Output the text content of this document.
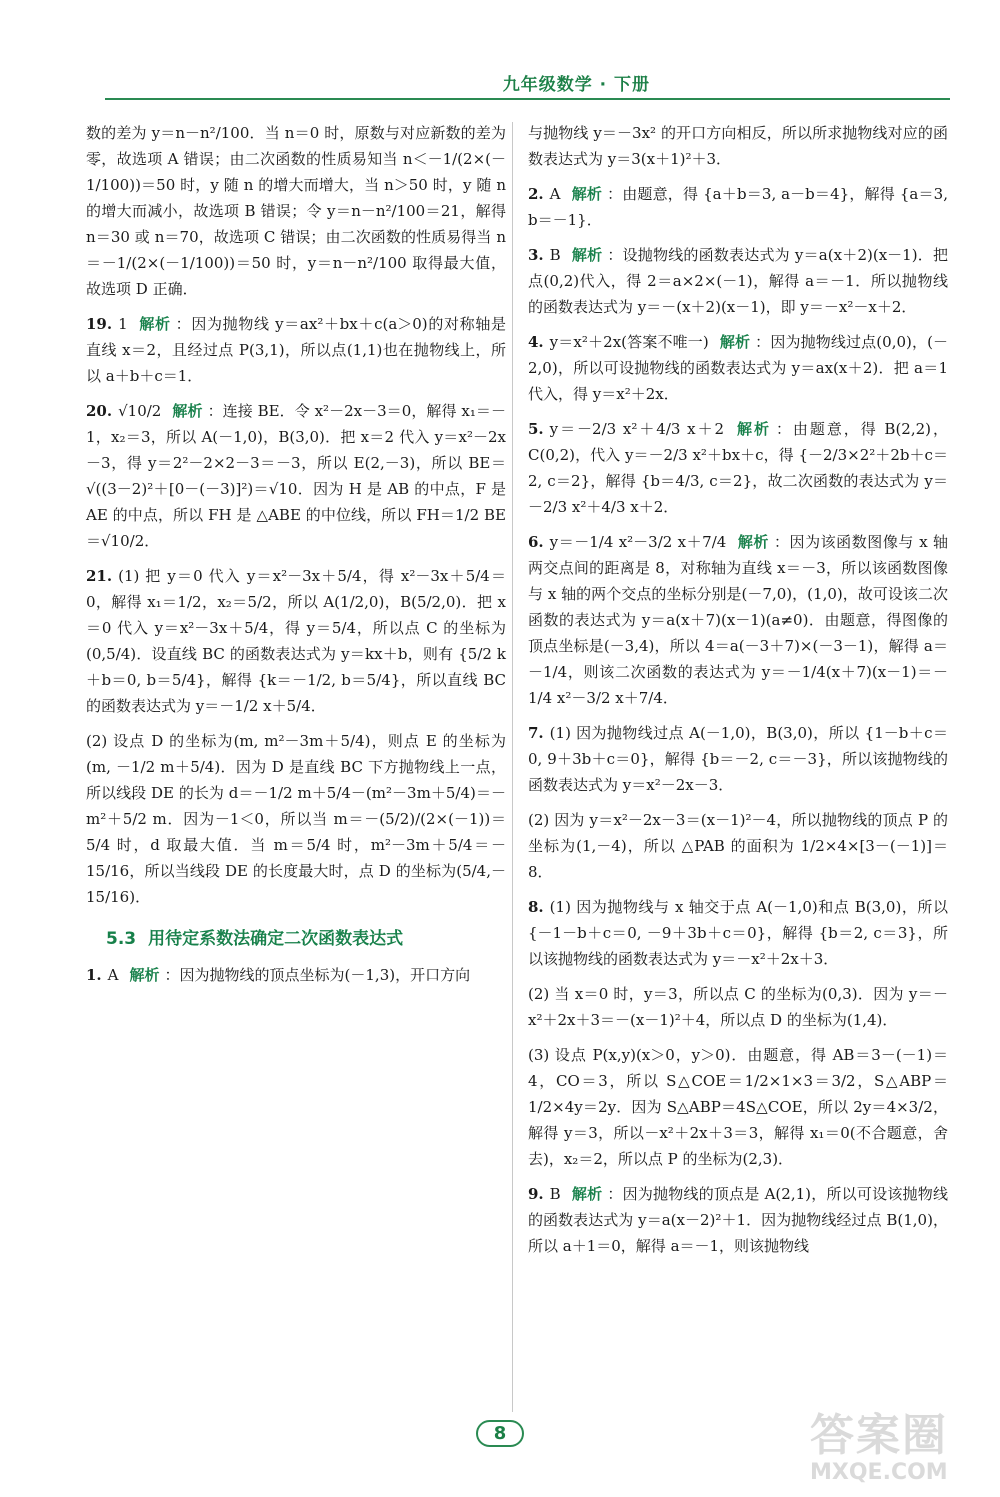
九年级数学 · 下册

数的差为 y＝n－n²/100．当 n＝0 时，原数与对应新数的差为零，故选项 A 错误；由二次函数的性质易知当 n＜－1/(2×(－1/100))＝50 时，y 随 n 的增大而增大，当 n＞50 时，y 随 n 的增大而减小，故选项 B 错误；令 y＝n－n²/100＝21，解得 n＝30 或 n＝70，故选项 C 错误；由二次函数的性质易得当 n＝－1/(2×(－1/100))＝50 时，y＝n－n²/100 取得最大值，故选项 D 正确．

19. 1 解析 ：因为抛物线 y＝ax²＋bx＋c(a＞0)的对称轴是直线 x＝2，且经过点 P(3,1)，所以点(1,1)也在抛物线上，所以 a＋b＋c＝1．

20. √10/2 解析 ：连接 BE．令 x²－2x－3＝0，解得 x₁＝－1，x₂＝3，所以 A(－1,0)，B(3,0)．把 x＝2 代入 y＝x²－2x－3，得 y＝2²－2×2－3＝－3，所以 E(2,－3)，所以 BE＝√((3－2)²＋[0－(－3)]²)＝√10．因为 H 是 AB 的中点，F 是 AE 的中点，所以 FH 是 △ABE 的中位线，所以 FH＝1/2 BE＝√10/2．

21. (1) 把 y＝0 代入 y＝x²－3x＋5/4，得 x²－3x＋5/4＝0，解得 x₁＝1/2，x₂＝5/2，所以 A(1/2,0)，B(5/2,0)．把 x＝0 代入 y＝x²－3x＋5/4，得 y＝5/4，所以点 C 的坐标为(0,5/4)．设直线 BC 的函数表达式为 y＝kx＋b，则有 {5/2 k＋b＝0, b＝5/4}，解得 {k＝－1/2, b＝5/4}，所以直线 BC 的函数表达式为 y＝－1/2 x＋5/4．

(2) 设点 D 的坐标为(m, m²－3m＋5/4)，则点 E 的坐标为(m, －1/2 m＋5/4)．因为 D 是直线 BC 下方抛物线上一点，所以线段 DE 的长为 d＝－1/2 m＋5/4－(m²－3m＋5/4)＝－m²＋5/2 m．因为－1＜0，所以当 m＝－(5/2)/(2×(－1))＝5/4 时，d 取最大值．当 m＝5/4 时，m²－3m＋5/4＝－15/16，所以当线段 DE 的长度最大时，点 D 的坐标为(5/4,－15/16)．

5.3 用待定系数法确定二次函数表达式

1. A 解析 ：因为抛物线的顶点坐标为(－1,3)，开口方向

与抛物线 y＝－3x² 的开口方向相反，所以所求抛物线对应的函数表达式为 y＝3(x＋1)²＋3．

2. A 解析 ：由题意，得 {a＋b＝3, a－b＝4}，解得 {a＝3, b＝－1}．

3. B 解析 ：设抛物线的函数表达式为 y＝a(x＋2)(x－1)．把点(0,2)代入，得 2＝a×2×(－1)，解得 a＝－1．所以抛物线的函数表达式为 y＝－(x＋2)(x－1)，即 y＝－x²－x＋2．

4. y＝x²＋2x(答案不唯一) 解析 ：因为抛物线过点(0,0)，(－2,0)，所以可设抛物线的函数表达式为 y＝ax(x＋2)．把 a＝1 代入，得 y＝x²＋2x．

5. y＝－2/3 x²＋4/3 x＋2 解析 ：由题意，得 B(2,2)，C(0,2)，代入 y＝－2/3 x²＋bx＋c，得 {－2/3×2²＋2b＋c＝2, c＝2}，解得 {b＝4/3, c＝2}，故二次函数的表达式为 y＝－2/3 x²＋4/3 x＋2．

6. y＝－1/4 x²－3/2 x＋7/4 解析 ：因为该函数图像与 x 轴两交点间的距离是 8，对称轴为直线 x＝－3，所以该函数图像与 x 轴的两个交点的坐标分别是(－7,0)，(1,0)，故可设该二次函数的表达式为 y＝a(x＋7)(x－1)(a≠0)．由题意，得图像的顶点坐标是(－3,4)，所以 4＝a(－3＋7)×(－3－1)，解得 a＝－1/4，则该二次函数的表达式为 y＝－1/4(x＋7)(x－1)＝－1/4 x²－3/2 x＋7/4．

7. (1) 因为抛物线过点 A(－1,0)，B(3,0)，所以 {1－b＋c＝0, 9＋3b＋c＝0}，解得 {b＝－2, c＝－3}，所以该抛物线的函数表达式为 y＝x²－2x－3．

(2) 因为 y＝x²－2x－3＝(x－1)²－4，所以抛物线的顶点 P 的坐标为(1,－4)，所以 △PAB 的面积为 1/2×4×[3－(－1)]＝8．

8. (1) 因为抛物线与 x 轴交于点 A(－1,0)和点 B(3,0)，所以 {－1－b＋c＝0, －9＋3b＋c＝0}，解得 {b＝2, c＝3}，所以该抛物线的函数表达式为 y＝－x²＋2x＋3．

(2) 当 x＝0 时，y＝3，所以点 C 的坐标为(0,3)．因为 y＝－x²＋2x＋3＝－(x－1)²＋4，所以点 D 的坐标为(1,4)．

(3) 设点 P(x,y)(x＞0，y＞0)．由题意，得 AB＝3－(－1)＝4，CO＝3，所以 S△COE＝1/2×1×3＝3/2，S△ABP＝1/2×4y＝2y．因为 S△ABP＝4S△COE，所以 2y＝4×3/2，解得 y＝3，所以－x²＋2x＋3＝3，解得 x₁＝0(不合题意，舍去)，x₂＝2，所以点 P 的坐标为(2,3)．

9. B 解析 ：因为抛物线的顶点是 A(2,1)，所以可设该抛物线的函数表达式为 y＝a(x－2)²＋1．因为抛物线经过点 B(1,0)，所以 a＋1＝0，解得 a＝－1，则该抛物线

8	答案圈
MXQE.COM
